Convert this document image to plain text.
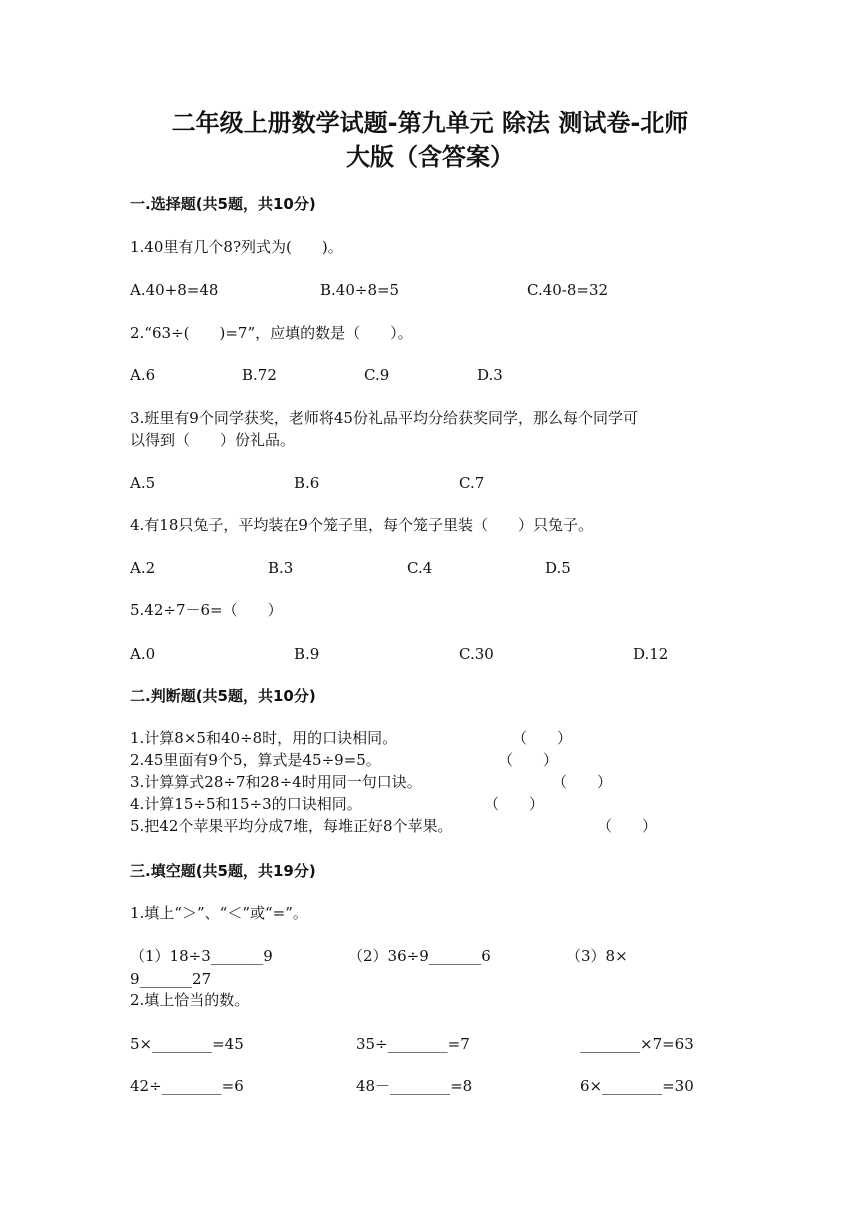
二年级上册数学试题-第九单元 除法 测试卷-北师
大版（含答案）
一.选择题(共5题，共10分)
1.40里有几个8?列式为(　　)。
A.40+8=48	B.40÷8=5	C.40-8=32
2.“63÷(　　)=7”，应填的数是（　　）。
A.6	B.72	C.9	D.3
3.班里有9个同学获奖，老师将45份礼品平均分给获奖同学，那么每个同学可
以得到（　　）份礼品。
A.5	B.6	C.7
4.有18只兔子，平均装在9个笼子里，每个笼子里装（　　）只兔子。
A.2	B.3	C.4	D.5
5.42÷7－6=（　　）
A.0	B.9	C.30	D.12
二.判断题(共5题，共10分)
1.计算8×5和40÷8时，用的口诀相同。	（　　）
2.45里面有9个5，算式是45÷9=5。	（　　）
3.计算算式28÷7和28÷4时用同一句口诀。	（　　）
4.计算15÷5和15÷3的口诀相同。	（　　）
5.把42个苹果平均分成7堆，每堆正好8个苹果。	（　　）
三.填空题(共5题，共19分)
1.填上“＞”、“＜”或“=”。
（1）18÷3_______9	（2）36÷9_______6	（3）8×
9_______27
2.填上恰当的数。
5×________=45	35÷________=7	________×7=63
42÷________=6	48－________=8	6×________=30
